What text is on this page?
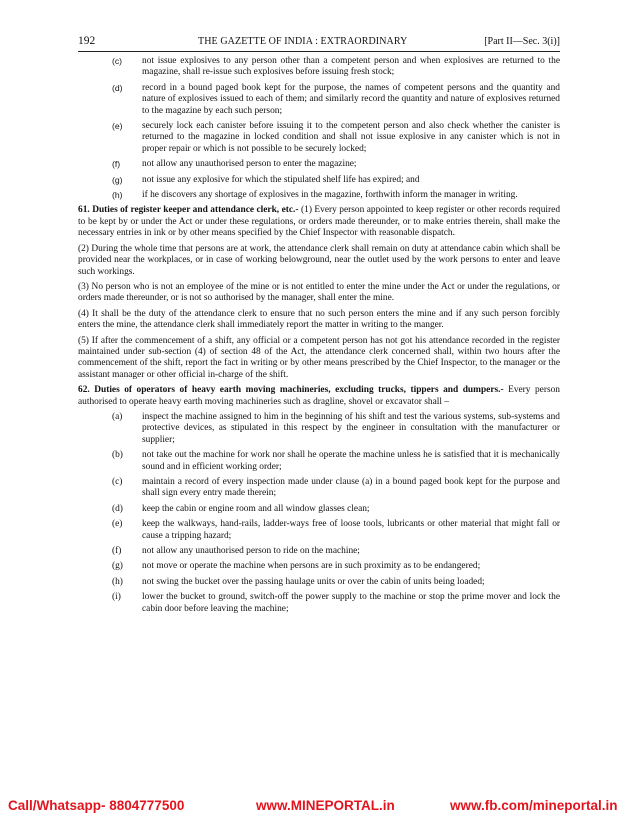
192	THE GAZETTE OF INDIA : EXTRAORDINARY	[Part II—Sec. 3(i)]
(c) not issue explosives to any person other than a competent person and when explosives are returned to the magazine, shall re-issue such explosives before issuing fresh stock;
(d) record in a bound paged book kept for the purpose, the names of competent persons and the quantity and nature of explosives issued to each of them; and similarly record the quantity and nature of explosives returned to the magazine by each such person;
(e) securely lock each canister before issuing it to the competent person and also check whether the canister is returned to the magazine in locked condition and shall not issue explosive in any canister which is not in proper repair or which is not possible to be securely locked;
(f) not allow any unauthorised person to enter the magazine;
(g) not issue any explosive for which the stipulated shelf life has expired; and
(h) if he discovers any shortage of explosives in the magazine, forthwith inform the manager in writing.

61. Duties of register keeper and attendance clerk, etc.- (1) Every person appointed to keep register or other records required to be kept by or under the Act or under these regulations, or orders made thereunder, or to make entries therein, shall make the necessary entries in ink or by other means specified by the Chief Inspector with reasonable dispatch.

(2) During the whole time that persons are at work, the attendance clerk shall remain on duty at attendance cabin which shall be provided near the workplaces, or in case of working belowground, near the outlet used by the work persons to enter and leave such workings.

(3) No person who is not an employee of the mine or is not entitled to enter the mine under the Act or under the regulations, or orders made thereunder, or is not so authorised by the manager, shall enter the mine.

(4) It shall be the duty of the attendance clerk to ensure that no such person enters the mine and if any such person forcibly enters the mine, the attendance clerk shall immediately report the matter in writing to the manger.

(5) If after the commencement of a shift, any official or a competent person has not got his attendance recorded in the register maintained under sub-section (4) of section 48 of the Act, the attendance clerk concerned shall, within two hours after the commencement of the shift, report the fact in writing or by other means prescribed by the Chief Inspector, to the manager or the assistant manager or other official in-charge of the shift.

62. Duties of operators of heavy earth moving machineries, excluding trucks, tippers and dumpers.- Every person authorised to operate heavy earth moving machineries such as dragline, shovel or excavator shall –

(a) inspect the machine assigned to him in the beginning of his shift and test the various systems, sub-systems and protective devices, as stipulated in this respect by the engineer in consultation with the manufacturer or supplier;
(b) not take out the machine for work nor shall he operate the machine unless he is satisfied that it is mechanically sound and in efficient working order;
(c) maintain a record of every inspection made under clause (a) in a bound paged book kept for the purpose and shall sign every entry made therein;
(d) keep the cabin or engine room and all window glasses clean;
(e) keep the walkways, hand-rails, ladder-ways free of loose tools, lubricants or other material that might fall or cause a tripping hazard;
(f) not allow any unauthorised person to ride on the machine;
(g) not move or operate the machine when persons are in such proximity as to be endangered;
(h) not swing the bucket over the passing haulage units or over the cabin of units being loaded;
(i) lower the bucket to ground, switch-off the power supply to the machine or stop the prime mover and lock the cabin door before leaving the machine;
Call/Whatsapp- 8804777500	www.MINEPORTAL.in	www.fb.com/mineportal.in
